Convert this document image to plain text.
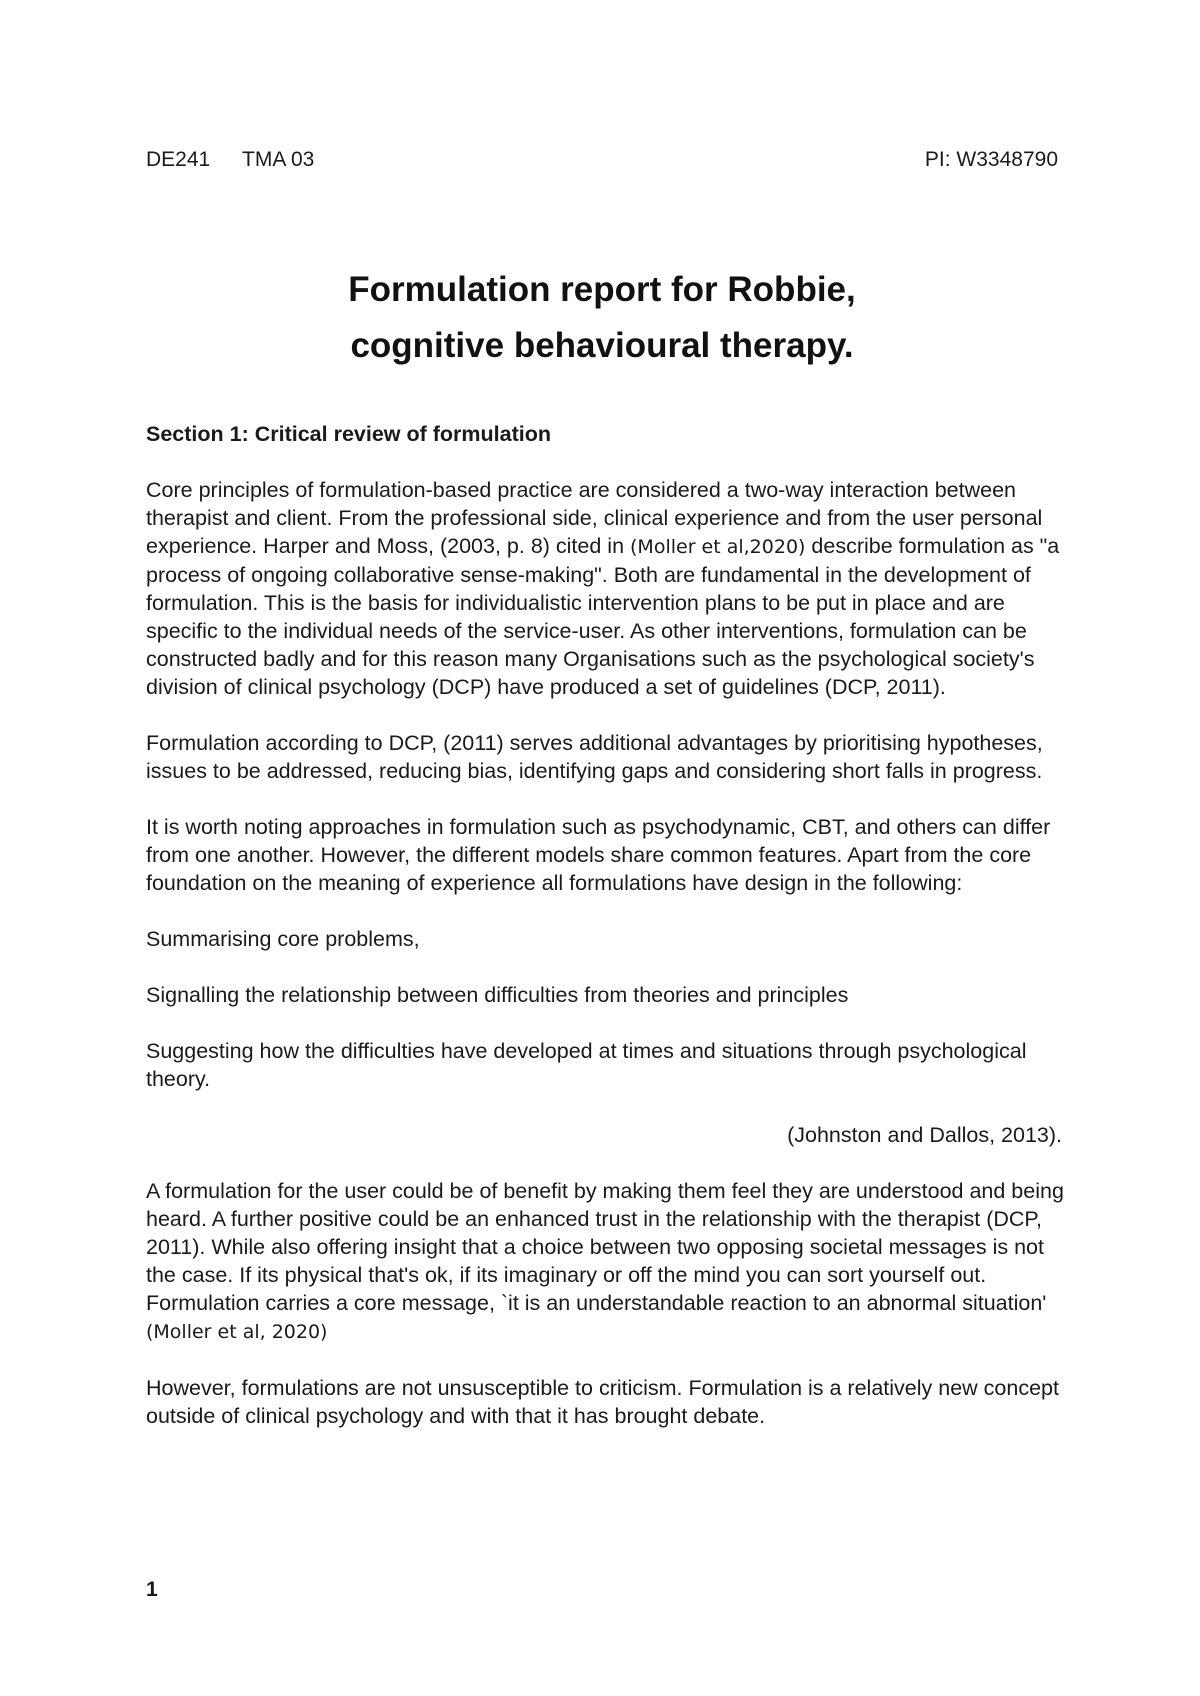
DE241 TMA 03	PI: W3348790
Formulation report for Robbie,
cognitive behavioural therapy.
Section 1: Critical review of formulation

Core principles of formulation-based practice are considered a two-way interaction between therapist and client. From the professional side, clinical experience and from the user personal experience. Harper and Moss, (2003, p. 8) cited in (Moller et al,2020) describe formulation as "a process of ongoing collaborative sense-making". Both are fundamental in the development of formulation. This is the basis for individualistic intervention plans to be put in place and are specific to the individual needs of the service-user. As other interventions, formulation can be constructed badly and for this reason many Organisations such as the psychological society's division of clinical psychology (DCP) have produced a set of guidelines (DCP, 2011).

Formulation according to DCP, (2011) serves additional advantages by prioritising hypotheses, issues to be addressed, reducing bias, identifying gaps and considering short falls in progress.

It is worth noting approaches in formulation such as psychodynamic, CBT, and others can differ from one another. However, the different models share common features. Apart from the core foundation on the meaning of experience all formulations have design in the following:

Summarising core problems,

Signalling the relationship between difficulties from theories and principles

Suggesting how the difficulties have developed at times and situations through psychological theory.

(Johnston and Dallos, 2013).

A formulation for the user could be of benefit by making them feel they are understood and being heard. A further positive could be an enhanced trust in the relationship with the therapist (DCP, 2011). While also offering insight that a choice between two opposing societal messages is not the case. If its physical that's ok, if its imaginary or off the mind you can sort yourself out. Formulation carries a core message, `it is an understandable reaction to an abnormal situation' (Moller et al, 2020)

However, formulations are not unsusceptible to criticism. Formulation is a relatively new concept outside of clinical psychology and with that it has brought debate.

1
